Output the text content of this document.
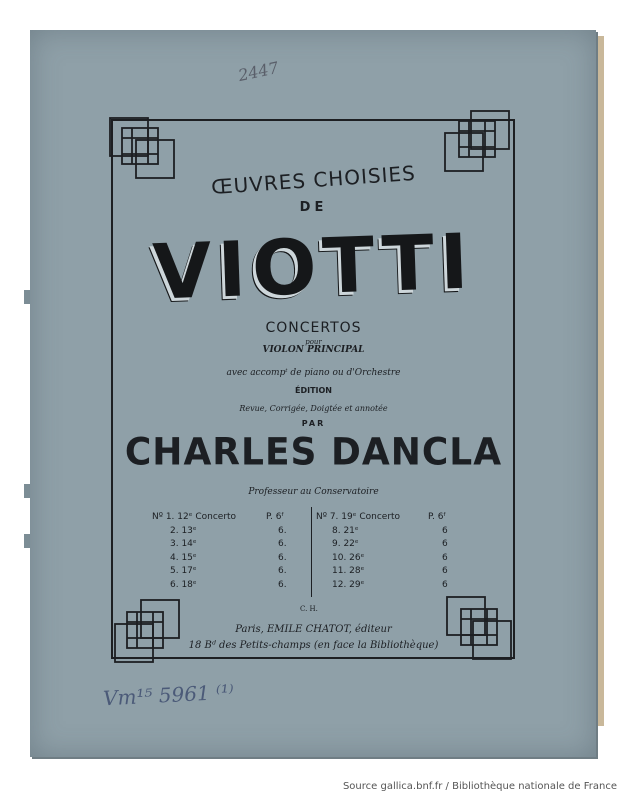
2447
Vm¹⁵ 5961 ⁽¹⁾
ŒUVRES CHOISIES
DE
VIOTTI
CONCERTOS
pour
VIOLON PRINCIPAL
avec accompᵗ de piano ou d'Orchestre
ÉDITION
Revue, Corrigée, Doigtée et annotée
PAR
CHARLES DANCLA
Professeur au Conservatoire
Nº 1. 12ᵉ Concerto
2. 13ᵉ
3. 14ᵉ
4. 15ᵉ
5. 17ᵉ
6. 18ᵉ
P. 6ᶠ
6.
6.
6.
6.
6.
Nº 7. 19ᵉ Concerto
8. 21ᵉ
9. 22ᵉ
10. 26ᵉ
11. 28ᵉ
12. 29ᵉ
P. 6ᶠ
6
6
6
6
6
C. H.
Paris, EMILE CHATOT, éditeur
18 Bᵈ des Petits-champs (en face la Bibliothèque)
Source gallica.bnf.fr / Bibliothèque nationale de France
